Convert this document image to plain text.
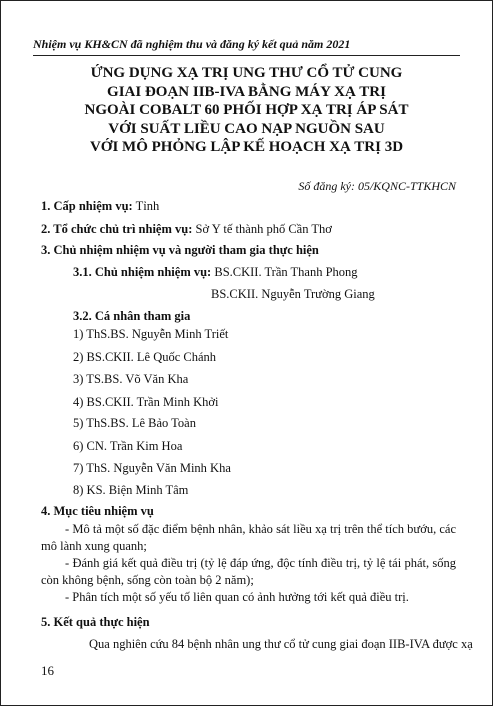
Nhiệm vụ KH&CN đã nghiệm thu và đăng ký kết quả năm 2021
ỨNG DỤNG XẠ TRỊ UNG THƯ CỔ TỬ CUNG
GIAI ĐOẠN IIB-IVA BẰNG MÁY XẠ TRỊ
NGOÀI COBALT 60 PHỐI HỢP XẠ TRỊ ÁP SÁT
VỚI SUẤT LIỀU CAO NẠP NGUỒN SAU
VỚI MÔ PHỎNG LẬP KẾ HOẠCH XẠ TRỊ 3D
Số đăng ký: 05/KQNC-TTKHCN
1. Cấp nhiệm vụ: Tỉnh
2. Tổ chức chủ trì nhiệm vụ: Sở Y tế thành phố Cần Thơ
3. Chủ nhiệm nhiệm vụ và người tham gia thực hiện
3.1. Chủ nhiệm nhiệm vụ: BS.CKII. Trần Thanh Phong
BS.CKII. Nguyễn Trường Giang
3.2. Cá nhân tham gia
1) ThS.BS. Nguyễn Minh Triết
2) BS.CKII. Lê Quốc Chánh
3) TS.BS. Võ Văn Kha
4) BS.CKII. Trần Minh Khởi
5) ThS.BS. Lê Bảo Toàn
6) CN. Trần Kim Hoa
7) ThS. Nguyễn Văn Minh Kha
8) KS. Biện Minh Tâm
4. Mục tiêu nhiệm vụ
- Mô tả một số đặc điểm bệnh nhân, khảo sát liều xạ trị trên thể tích bướu, các mô lành xung quanh;
- Đánh giá kết quả điều trị (tỷ lệ đáp ứng, độc tính điều trị, tỷ lệ tái phát, sống còn không bệnh, sống còn toàn bộ 2 năm);
- Phân tích một số yếu tố liên quan có ảnh hưởng tới kết quả điều trị.
5. Kết quả thực hiện
Qua nghiên cứu 84 bệnh nhân ung thư cổ tử cung giai đoạn IIB-IVA được xạ
16
